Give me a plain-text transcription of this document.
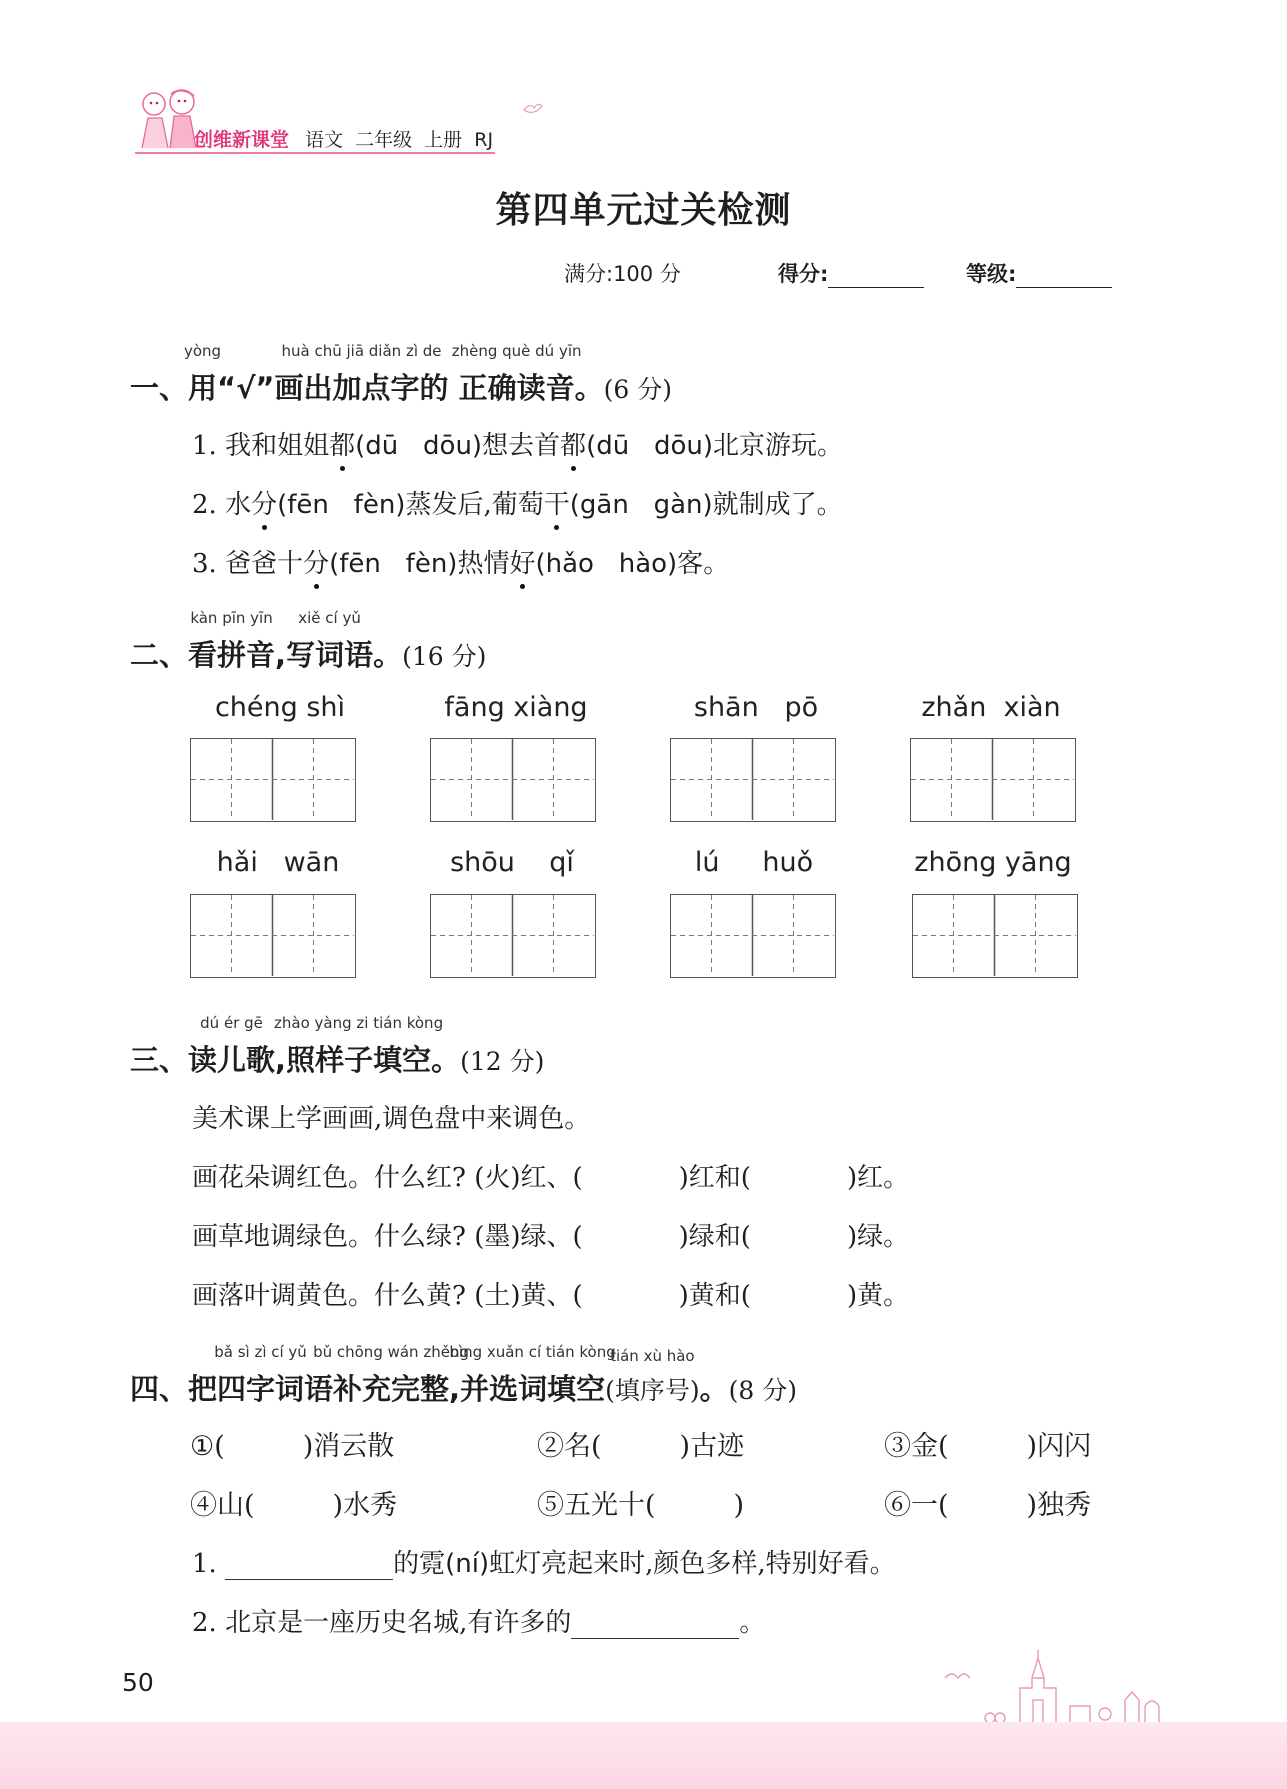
创维新课堂 语文  二年级  上册  RJ
第四单元过关检测
满分:100 分	得分:	等级:
一、用
yòng
“√”画出加点字的
huà chū jiā diǎn zì de
正确读音
zhèng què dú yīn
。(6 分)
1. 我和姐姐都(dū   dōu)想去首都(dū   dōu)北京游玩。
2. 水分(fēn   fèn)蒸发后,葡萄干(gān   gàn)就制成了。
3. 爸爸十分(fēn   fèn)热情好(hǎo   hào)客。
二、看拼音
kàn pīn yīn
,写词语
xiě cí yǔ
。(16 分)
chéng shì	fāng xiàng	shān   pō	zhǎn  xiàn
hǎi   wān	shōu    qǐ	lú     huǒ	zhōng yāng
三、读儿歌
dú ér gē
,照样子填空
zhào yàng zi tián kòng
。(12 分)
美术课上学画画,调色盘中来调色。
画花朵调红色。什么红? (火)红、(	)红和(	)红。
画草地调绿色。什么绿? (墨)绿、(	)绿和(	)绿。
画落叶调黄色。什么黄? (土)黄、(	)黄和(	)黄。
四、把四字词语
bǎ sì zì cí yǔ
补充完整
bǔ chōng wán zhěng
,并选词填空
bìng xuǎn cí tián kòng
(填序号)
tián xù hào
。(8 分)
①(	)消云散	②名(	)古迹	③金(	)闪闪
④山(	)水秀	⑤五光十(	)	⑥一(	)独秀
1.	的霓(ní)虹灯亮起来时,颜色多样,特别好看。
2. 北京是一座历史名城,有许多的	。
50
